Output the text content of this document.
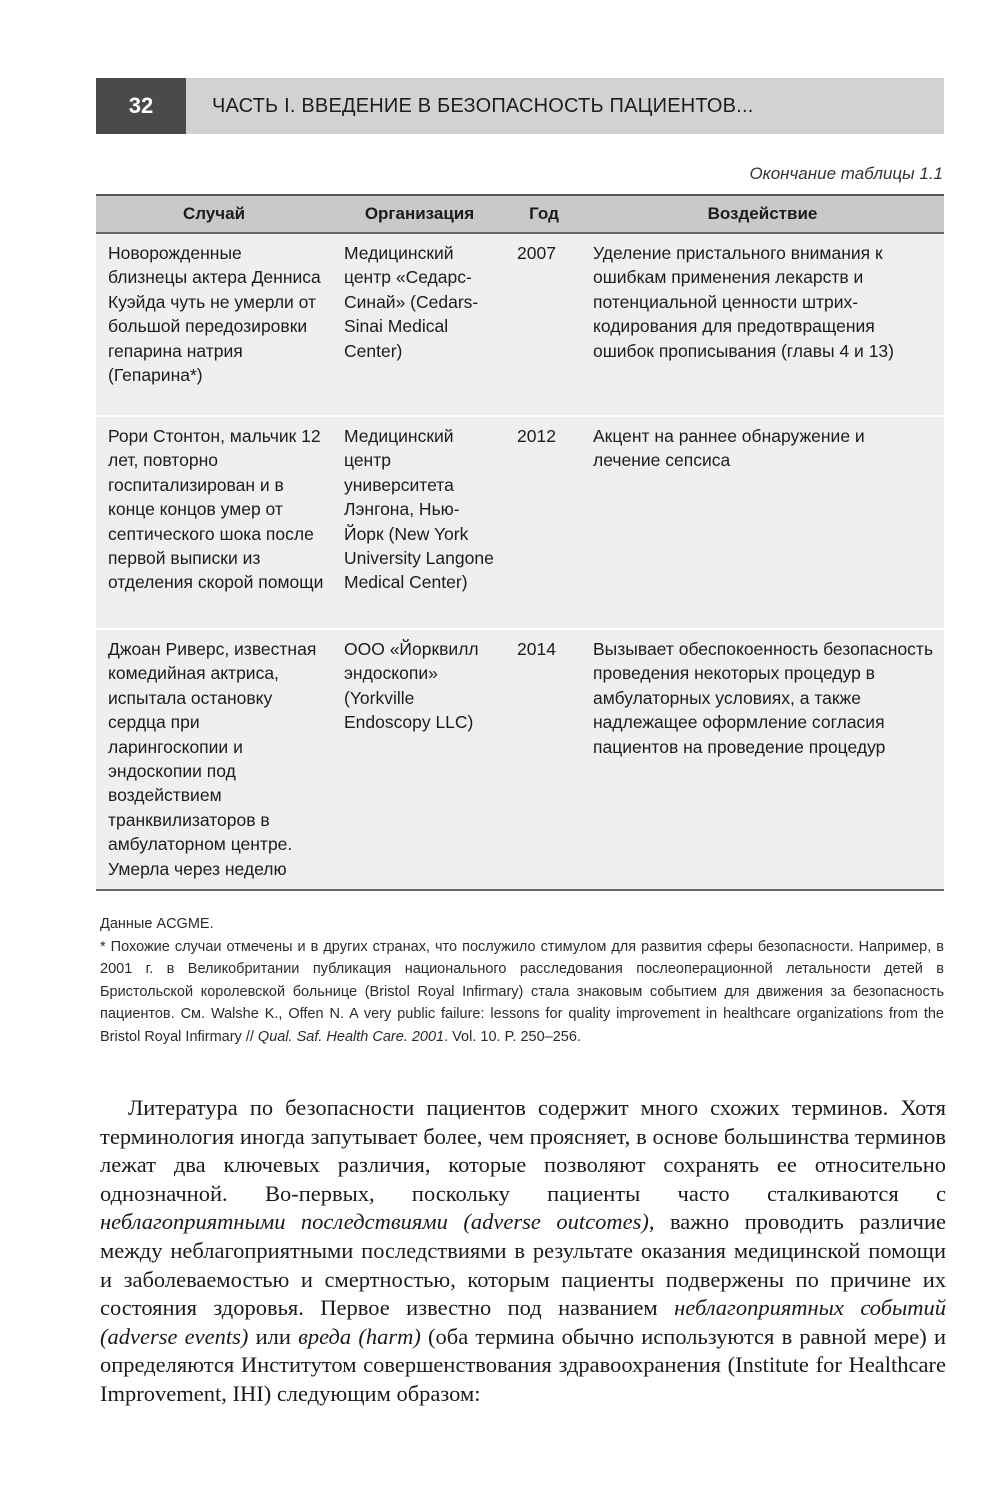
32	ЧАСТЬ I. ВВЕДЕНИЕ В БЕЗОПАСНОСТЬ ПАЦИЕНТОВ...
Окончание таблицы 1.1
Случай	Организация	Год	Воздействие
Новорожденные близнецы актера Денниса Куэйда чуть не умерли от большой передозировки гепарина натрия (Гепарина*)	Медицинский центр «Седарс-Синай» (Cedars-Sinai Medical Center)	2007	Уделение пристального внимания к ошибкам применения лекарств и потенциальной ценности штрих-кодирования для предотвращения ошибок прописывания (главы 4 и 13)
Рори Стонтон, мальчик 12 лет, повторно госпитализирован и в конце концов умер от септического шока после первой выписки из отделения скорой помощи	Медицинский центр университета Лэнгона, Нью-Йорк (New York University Langone Medical Center)	2012	Акцент на раннее обнаружение и лечение сепсиса
Джоан Риверс, известная комедийная актриса, испытала остановку сердца при ларингоскопии и эндоскопии под воздействием транквилизаторов в амбулаторном центре. Умерла через неделю	ООО «Йорквилл эндоскопи» (Yorkville Endoscopy LLC)	2014	Вызывает обеспокоенность безопасность проведения некоторых процедур в амбулаторных условиях, а также надлежащее оформление согласия пациентов на проведение процедур

Данные ACGME.

* Похожие случаи отмечены и в других странах, что послужило стимулом для развития сферы безопасности. Например, в 2001 г. в Великобритании публикация национального расследования послеоперационной летальности детей в Бристольской королевской больнице (Bristol Royal Infirmary) стала знаковым событием для движения за безопасность пациентов. См. Walshe K., Offen N. A very public failure: lessons for quality improvement in healthcare organizations from the Bristol Royal Infirmary // Qual. Saf. Health Care. 2001. Vol. 10. P. 250–256.

Литература по безопасности пациентов содержит много схожих терминов. Хотя терминология иногда запутывает более, чем проясняет, в основе большинства терминов лежат два ключевых различия, которые позволяют сохранять ее относительно однозначной. Во-первых, поскольку пациенты часто сталкиваются с неблагоприятными последствиями (adverse outcomes), важно проводить различие между неблагоприятными последствиями в результате оказания медицинской помощи и заболеваемостью и смертностью, которым пациенты подвержены по причине их состояния здоровья. Первое известно под названием неблагоприятных событий (adverse events) или вреда (harm) (оба термина обычно используются в равной мере) и определяются Институтом совершенствования здравоохранения (Institute for Healthcare Improvement, IHI) следующим образом:
